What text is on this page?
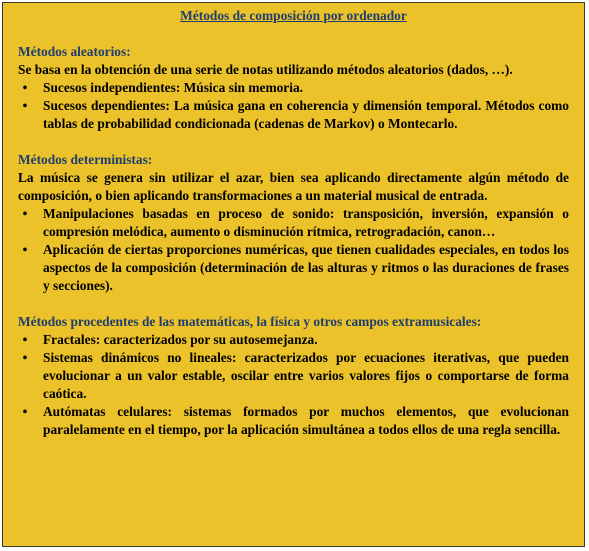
Métodos de composición por ordenador

Métodos aleatorios:

Se basa en la obtención de una serie de notas utilizando métodos aleatorios (dados, …).

•	Sucesos independientes: Música sin memoria.
•	Sucesos dependientes: La música gana en coherencia y dimensión temporal. Métodos como tablas de probabilidad condicionada (cadenas de Markov) o Montecarlo.

Métodos deterministas:

La música se genera sin utilizar el azar, bien sea aplicando directamente algún método de composición, o bien aplicando transformaciones a un material musical de entrada.

•	Manipulaciones basadas en proceso de sonido: transposición, inversión, expansión o compresión melódica, aumento o disminución rítmica, retrogradación, canon…
•	Aplicación de ciertas proporciones numéricas, que tienen cualidades especiales, en todos los aspectos de la composición (determinación de las alturas y ritmos o las duraciones de frases y secciones).

Métodos procedentes de las matemáticas, la física y otros campos extramusicales:

•	Fractales: caracterizados por su autosemejanza.
•	Sistemas dinámicos no lineales: caracterizados por ecuaciones iterativas, que pueden evolucionar a un valor estable, oscilar entre varios valores fijos o comportarse de forma caótica.
•	Autómatas celulares: sistemas formados por muchos elementos, que evolucionan paralelamente en el tiempo, por la aplicación simultánea a todos ellos de una regla sencilla.
